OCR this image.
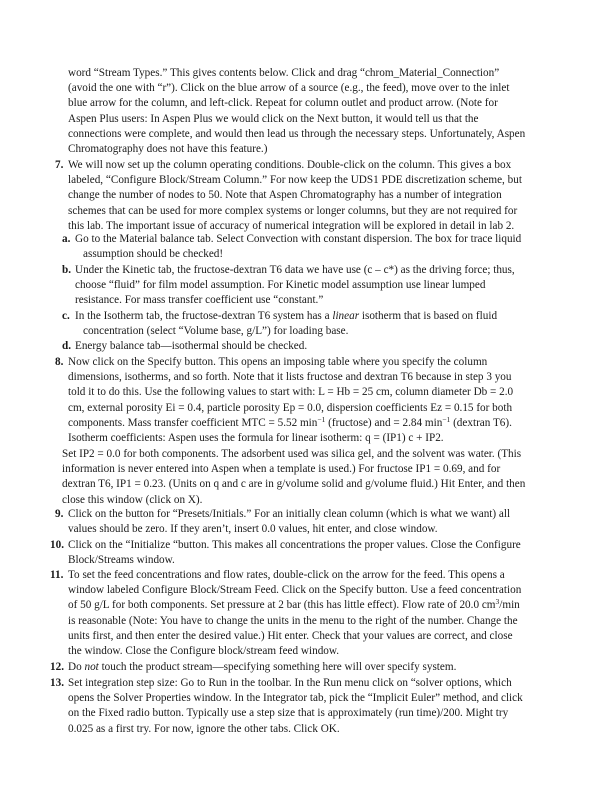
word “Stream Types.” This gives contents below. Click and drag “chrom_Material_Connection”
(avoid the one with “r”). Click on the blue arrow of a source (e.g., the feed), move over to the inlet
blue arrow for the column, and left-click. Repeat for column outlet and product arrow. (Note for
Aspen Plus users: In Aspen Plus we would click on the Next button, it would tell us that the
connections were complete, and would then lead us through the necessary steps. Unfortunately, Aspen
Chromatography does not have this feature.)
7. We will now set up the column operating conditions. Double-click on the column. This gives a box
labeled, “Configure Block/Stream Column.” For now keep the UDS1 PDE discretization scheme, but
change the number of nodes to 50. Note that Aspen Chromatography has a number of integration
schemes that can be used for more complex systems or longer columns, but they are not required for
this lab. The important issue of accuracy of numerical integration will be explored in detail in lab 2.
a. Go to the Material balance tab. Select Convection with constant dispersion. The box for trace liquid
assumption should be checked!
b. Under the Kinetic tab, the fructose-dextran T6 data we have use (c – c*) as the driving force; thus,
choose “fluid” for film model assumption. For Kinetic model assumption use linear lumped
resistance. For mass transfer coefficient use “constant.”
c. In the Isotherm tab, the fructose-dextran T6 system has a linear isotherm that is based on fluid
concentration (select “Volume base, g/L”) for loading base.
d. Energy balance tab—isothermal should be checked.
8. Now click on the Specify button. This opens an imposing table where you specify the column
dimensions, isotherms, and so forth. Note that it lists fructose and dextran T6 because in step 3 you
told it to do this. Use the following values to start with: L = Hb = 25 cm, column diameter Db = 2.0
cm, external porosity Ei = 0.4, particle porosity Ep = 0.0, dispersion coefficients Ez = 0.15 for both
components. Mass transfer coefficient MTC = 5.52 $\min^{-1}$ (fructose) and = 2.84 $\min^{-1}$ (dextran T6).
Isotherm coefficients: Aspen uses the formula for linear isotherm: q = (IP1) c + IP2.
Set IP2 = 0.0 for both components. The adsorbent used was silica gel, and the solvent was water. (This
information is never entered into Aspen when a template is used.) For fructose IP1 = 0.69, and for
dextran T6, IP1 = 0.23. (Units on q and c are in g/volume solid and g/volume fluid.) Hit Enter, and then
close this window (click on X).
9. Click on the button for “Presets/Initials.” For an initially clean column (which is what we want) all
values should be zero. If they aren’t, insert 0.0 values, hit enter, and close window.
10. Click on the “Initialize “button. This makes all concentrations the proper values. Close the Configure
Block/Streams window.
11. To set the feed concentrations and flow rates, double-click on the arrow for the feed. This opens a
window labeled Configure Block/Stream Feed. Click on the Specify button. Use a feed concentration
of 50 g/L for both components. Set pressure at 2 bar (this has little effect). Flow rate of 20.0 $cm^3/\min$
is reasonable (Note: You have to change the units in the menu to the right of the number. Change the
units first, and then enter the desired value.) Hit enter. Check that your values are correct, and close
the window. Close the Configure block/stream feed window.
12. Do not touch the product stream—specifying something here will over specify system.
13. Set integration step size: Go to Run in the toolbar. In the Run menu click on “solver options, which
opens the Solver Properties window. In the Integrator tab, pick the “Implicit Euler” method, and click
on the Fixed radio button. Typically use a step size that is approximately (run time)/200. Might try
0.025 as a first try. For now, ignore the other tabs. Click OK.
